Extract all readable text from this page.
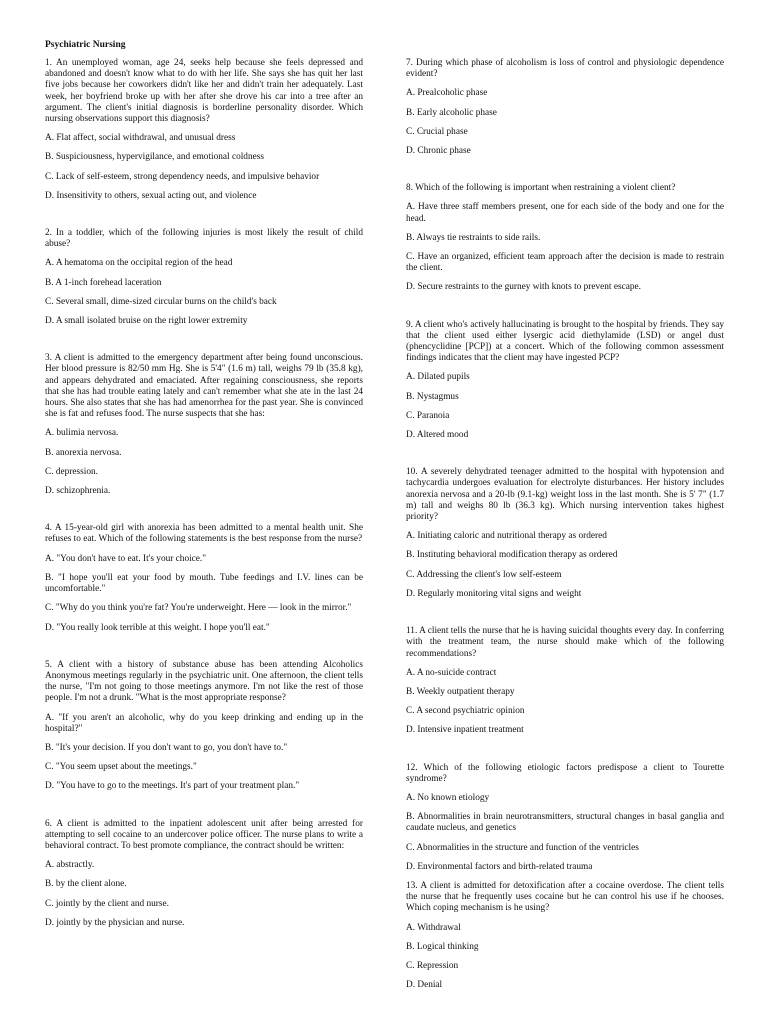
Psychiatric Nursing

1. An unemployed woman, age 24, seeks help because she feels depressed and abandoned and doesn't know what to do with her life. She says she has quit her last five jobs because her coworkers didn't like her and didn't train her adequately. Last week, her boyfriend broke up with her after she drove his car into a tree after an argument. The client's initial diagnosis is borderline personality disorder. Which nursing observations support this diagnosis?

A. Flat affect, social withdrawal, and unusual dress

B. Suspiciousness, hypervigilance, and emotional coldness

C. Lack of self-esteem, strong dependency needs, and impulsive behavior

D. Insensitivity to others, sexual acting out, and violence

2. In a toddler, which of the following injuries is most likely the result of child abuse?

A. A hematoma on the occipital region of the head

B. A 1-inch forehead laceration

C. Several small, dime-sized circular burns on the child's back

D. A small isolated bruise on the right lower extremity

3. A client is admitted to the emergency department after being found unconscious. Her blood pressure is 82/50 mm Hg. She is 5'4" (1.6 m) tall, weighs 79 lb (35.8 kg), and appears dehydrated and emaciated. After regaining consciousness, she reports that she has had trouble eating lately and can't remember what she ate in the last 24 hours. She also states that she has had amenorrhea for the past year. She is convinced she is fat and refuses food. The nurse suspects that she has:

A. bulimia nervosa.

B. anorexia nervosa.

C. depression.

D. schizophrenia.

4. A 15-year-old girl with anorexia has been admitted to a mental health unit. She refuses to eat. Which of the following statements is the best response from the nurse?

A. "You don't have to eat. It's your choice."

B. "I hope you'll eat your food by mouth. Tube feedings and I.V. lines can be uncomfortable."

C. "Why do you think you're fat? You're underweight. Here — look in the mirror."

D. "You really look terrible at this weight. I hope you'll eat."

5. A client with a history of substance abuse has been attending Alcoholics Anonymous meetings regularly in the psychiatric unit. One afternoon, the client tells the nurse, "I'm not going to those meetings anymore. I'm not like the rest of those people. I'm not a drunk. "What is the most appropriate response?

A. "If you aren't an alcoholic, why do you keep drinking and ending up in the hospital?"

B. "It's your decision. If you don't want to go, you don't have to."

C. "You seem upset about the meetings."

D. "You have to go to the meetings. It's part of your treatment plan."

6. A client is admitted to the inpatient adolescent unit after being arrested for attempting to sell cocaine to an undercover police officer. The nurse plans to write a behavioral contract. To best promote compliance, the contract should be written:

A. abstractly.

B. by the client alone.

C. jointly by the client and nurse.

D. jointly by the physician and nurse.

7. During which phase of alcoholism is loss of control and physiologic dependence evident?

A. Prealcoholic phase

B. Early alcoholic phase

C. Crucial phase

D. Chronic phase

8. Which of the following is important when restraining a violent client?

A. Have three staff members present, one for each side of the body and one for the head.

B. Always tie restraints to side rails.

C. Have an organized, efficient team approach after the decision is made to restrain the client.

D. Secure restraints to the gurney with knots to prevent escape.

9. A client who's actively hallucinating is brought to the hospital by friends. They say that the client used either lysergic acid diethylamide (LSD) or angel dust (phencyclidine [PCP]) at a concert. Which of the following common assessment findings indicates that the client may have ingested PCP?

A. Dilated pupils

B. Nystagmus

C. Paranoia

D. Altered mood

10. A severely dehydrated teenager admitted to the hospital with hypotension and tachycardia undergoes evaluation for electrolyte disturbances. Her history includes anorexia nervosa and a 20-lb (9.1-kg) weight loss in the last month. She is 5' 7" (1.7 m) tall and weighs 80 lb (36.3 kg). Which nursing intervention takes highest priority?

A. Initiating caloric and nutritional therapy as ordered

B. Instituting behavioral modification therapy as ordered

C. Addressing the client's low self-esteem

D. Regularly monitoring vital signs and weight

11. A client tells the nurse that he is having suicidal thoughts every day. In conferring with the treatment team, the nurse should make which of the following recommendations?

A. A no-suicide contract

B. Weekly outpatient therapy

C. A second psychiatric opinion

D. Intensive inpatient treatment

12. Which of the following etiologic factors predispose a client to Tourette syndrome?

A. No known etiology

B. Abnormalities in brain neurotransmitters, structural changes in basal ganglia and caudate nucleus, and genetics

C. Abnormalities in the structure and function of the ventricles

D. Environmental factors and birth-related trauma

13. A client is admitted for detoxification after a cocaine overdose. The client tells the nurse that he frequently uses cocaine but he can control his use if he chooses. Which coping mechanism is he using?

A. Withdrawal

B. Logical thinking

C. Repression

D. Denial
